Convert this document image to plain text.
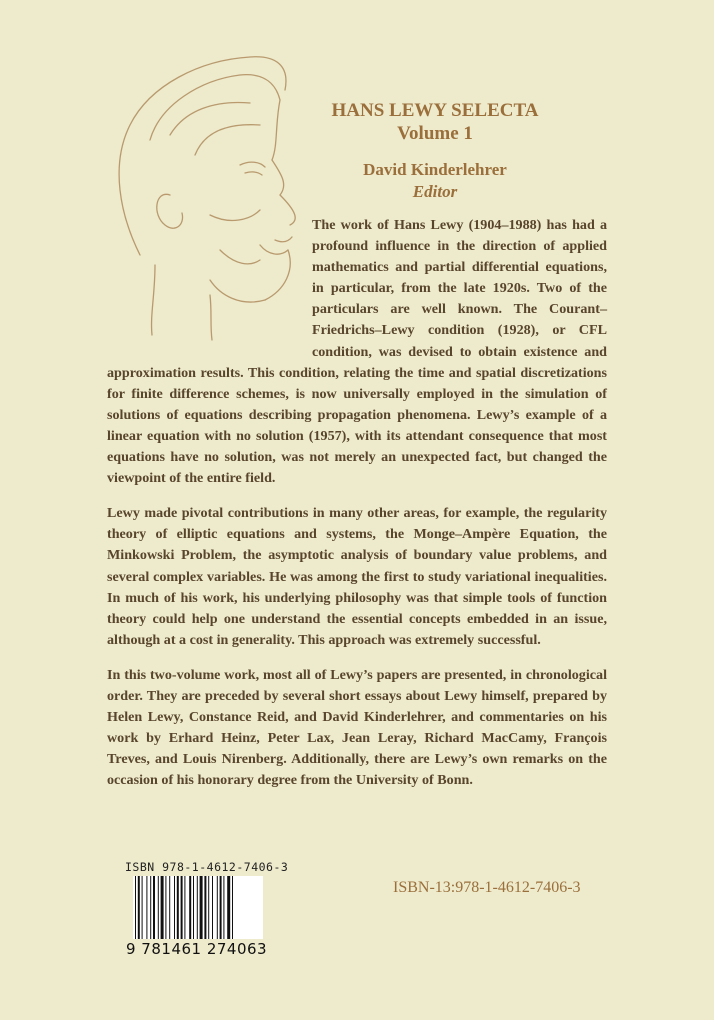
HANS LEWY SELECTA
Volume 1
David Kinderlehrer
Editor

The work of Hans Lewy (1904–1988) has had a profound influence in the direction of applied mathematics and partial differential equations, in particular, from the late 1920s. Two of the particulars are well known. The Courant–Friedrichs–Lewy condition (1928), or CFL condition, was devised to obtain existence and approximation results. This condition, relating the time and spatial discretizations for finite difference schemes, is now universally employed in the simulation of solutions of equations describing propagation phenomena. Lewy’s example of a linear equation with no solution (1957), with its attendant consequence that most equations have no solution, was not merely an unexpected fact, but changed the viewpoint of the entire field.

Lewy made pivotal contributions in many other areas, for example, the regularity theory of elliptic equations and systems, the Monge–Ampère Equation, the Minkowski Problem, the asymptotic analysis of boundary value problems, and several complex variables. He was among the first to study variational inequalities. In much of his work, his underlying philosophy was that simple tools of function theory could help one understand the essential concepts embedded in an issue, although at a cost in generality. This approach was extremely successful.

In this two-volume work, most all of Lewy’s papers are presented, in chronological order. They are preceded by several short essays about Lewy himself, prepared by Helen Lewy, Constance Reid, and David Kinderlehrer, and commentaries on his work by Erhard Heinz, Peter Lax, Jean Leray, Richard MacCamy, François Treves, and Louis Nirenberg. Additionally, there are Lewy’s own remarks on the occasion of his honorary degree from the University of Bonn.

ISBN 978-1-4612-7406-3
9 781461 274063
ISBN-13:978-1-4612-7406-3
